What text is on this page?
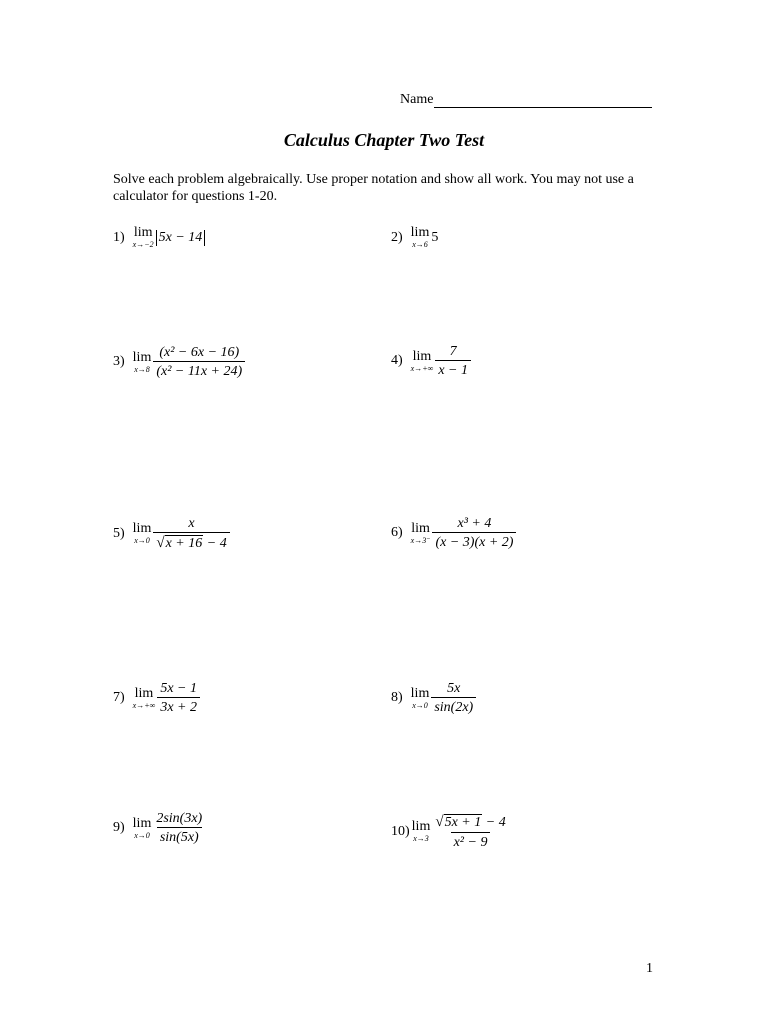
Name
Calculus Chapter Two Test
Solve each problem algebraically. Use proper notation and show all work. You may not use a calculator for questions 1-20.
1) lim
x→−2 5x − 14	2) lim
x→6 5
3) lim
$x\to 8 \frac{\text{(x² − 6x − 16)}}{\text{(x² − 11x + 24)}}$	4) lim
$x\to+\infty \frac{7}{x - 1}$
5) lim
$x\to 0 \frac{x}{√x + 16 - 4}$	6) lim
$x\to 3^- \frac{\text{x³ + 4}}{(x - 3)(x + 2)}$
7) lim
$x\to+\infty \frac{5x - 1}{3x + 2}$	8) lim
$x\to 0 \frac{5x}{\sin(2x)}$
9) lim
$x\to 0 \frac{2\sin(3x)}{\sin(5x)}$	10) lim
$x\to 3 \frac{√5x + 1 - 4}{\text{x² − 9}}$
1
